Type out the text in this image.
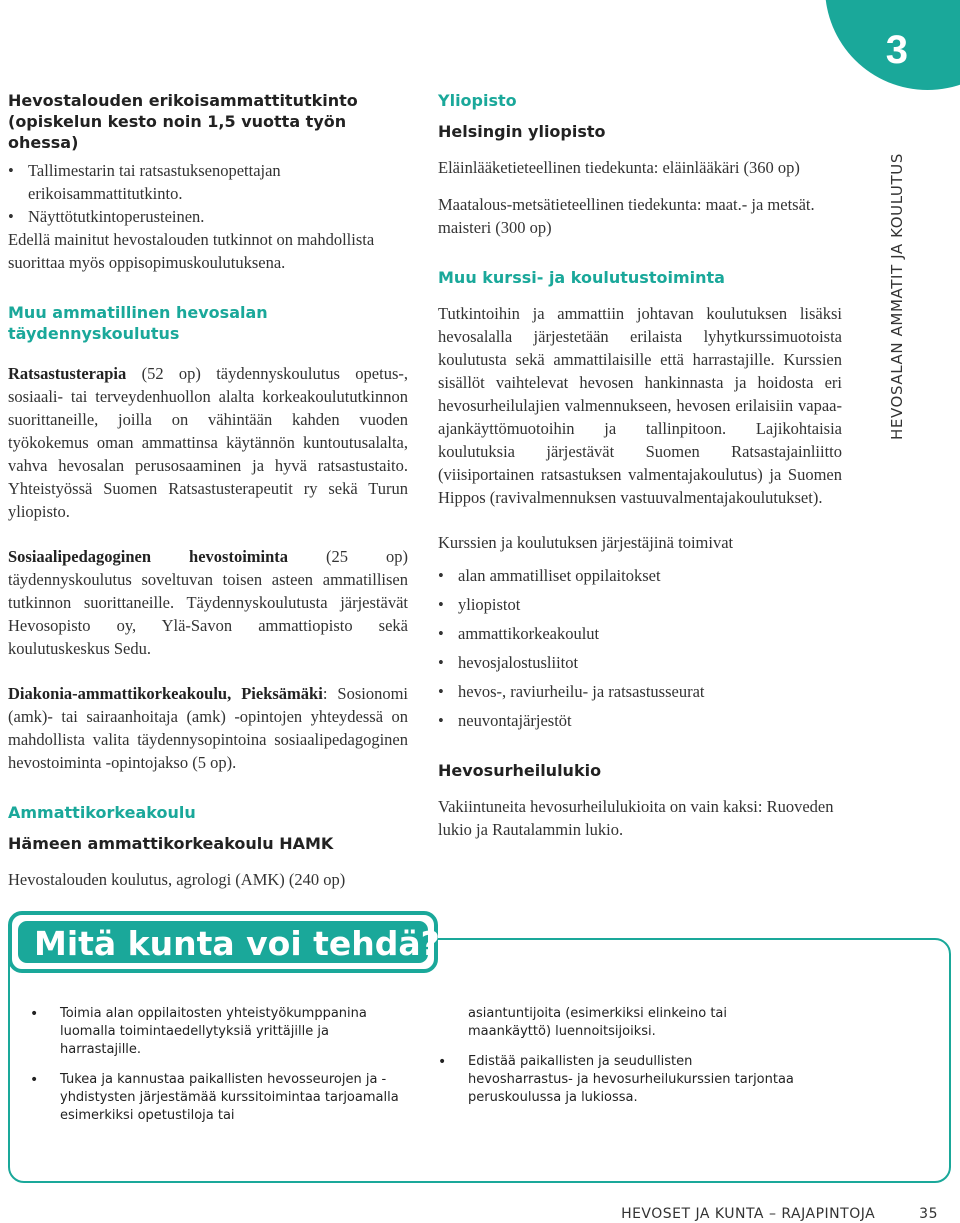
3
HEVOSALAN AMMATIT JA KOULUTUS
Hevostalouden erikoisammattitutkinto
(opiskelun kesto noin 1,5 vuotta työn ohessa)
• Tallimestarin tai ratsastuksenopettajan erikoisammattitutkinto.
• Näyttötutkintoperusteinen.

Edellä mainitut hevostalouden tutkinnot on mahdollista suorittaa myös oppisopimuskoulutuksena.

Muu ammatillinen hevosalan
täydennyskoulutus

Ratsastusterapia (52 op) täydennyskoulutus opetus-, sosiaali- tai terveydenhuollon alalta korkeakoulututkinnon suorittaneille, joilla on vähintään kahden vuoden työkokemus oman ammattinsa käytännön kuntoutusalalta, vahva hevosalan perusosaaminen ja hyvä ratsastustaito. Yhteistyössä Suomen Ratsastusterapeutit ry sekä Turun yliopisto.

Sosiaalipedagoginen hevostoiminta (25 op) täydennyskoulutus soveltuvan toisen asteen ammatillisen tutkinnon suorittaneille. Täydennyskoulutusta järjestävät Hevosopisto oy, Ylä-Savon ammattiopisto sekä koulutuskeskus Sedu.

Diakonia-ammattikorkeakoulu, Pieksämäki: Sosionomi (amk)- tai sairaanhoitaja (amk) -opintojen yhteydessä on mahdollista valita täydennysopintoina sosiaalipedagoginen hevostoiminta -opintojakso (5 op).

Ammattikorkeakoulu
Hämeen ammattikorkeakoulu HAMK

Hevostalouden koulutus, agrologi (AMK) (240 op)

Yliopisto
Helsingin yliopisto

Eläinlääketieteellinen tiedekunta: eläinlääkäri (360 op)

Maatalous-metsätieteellinen tiedekunta: maat.- ja metsät. maisteri (300 op)

Muu kurssi- ja koulutustoiminta

Tutkintoihin ja ammattiin johtavan koulutuksen lisäksi hevosalalla järjestetään erilaista lyhytkurssimuotoista koulutusta sekä ammattilaisille että harrastajille. Kurssien sisällöt vaihtelevat hevosen hankinnasta ja hoidosta eri hevosurheilulajien valmennukseen, hevosen erilaisiin vapaa-ajankäyttömuotoihin ja tallinpitoon. Lajikohtaisia koulutuksia järjestävät Suomen Ratsastajainliitto (viisiportainen ratsastuksen valmentajakoulutus) ja Suomen Hippos (ravivalmennuksen vastuuvalmentajakoulutukset).

Kurssien ja koulutuksen järjestäjinä toimivat

• alan ammatilliset oppilaitokset
• yliopistot
• ammattikorkeakoulut
• hevosjalostusliitot
• hevos-, raviurheilu- ja ratsastusseurat
• neuvontajärjestöt
Hevosurheilulukio

Vakiintuneita hevosurheilulukioita on vain kaksi: Ruoveden lukio ja Rautalammin lukio.

Mitä kunta voi tehdä?
• Toimia alan oppilaitosten yhteistyökumppanina luomalla toimintaedellytyksiä yrittäjille ja harrastajille.
• Tukea ja kannustaa paikallisten hevosseurojen ja -yhdistysten järjestämää kurssitoimintaa tarjoamalla esimerkiksi opetustiloja tai

asiantuntijoita (esimerkiksi elinkeino tai maankäyttö) luennoitsijoiksi.

• Edistää paikallisten ja seudullisten hevosharrastus- ja hevosurheilukurssien tarjontaa peruskoulussa ja lukiossa.
HEVOSET JA KUNTA – RAJAPINTOJA	35
